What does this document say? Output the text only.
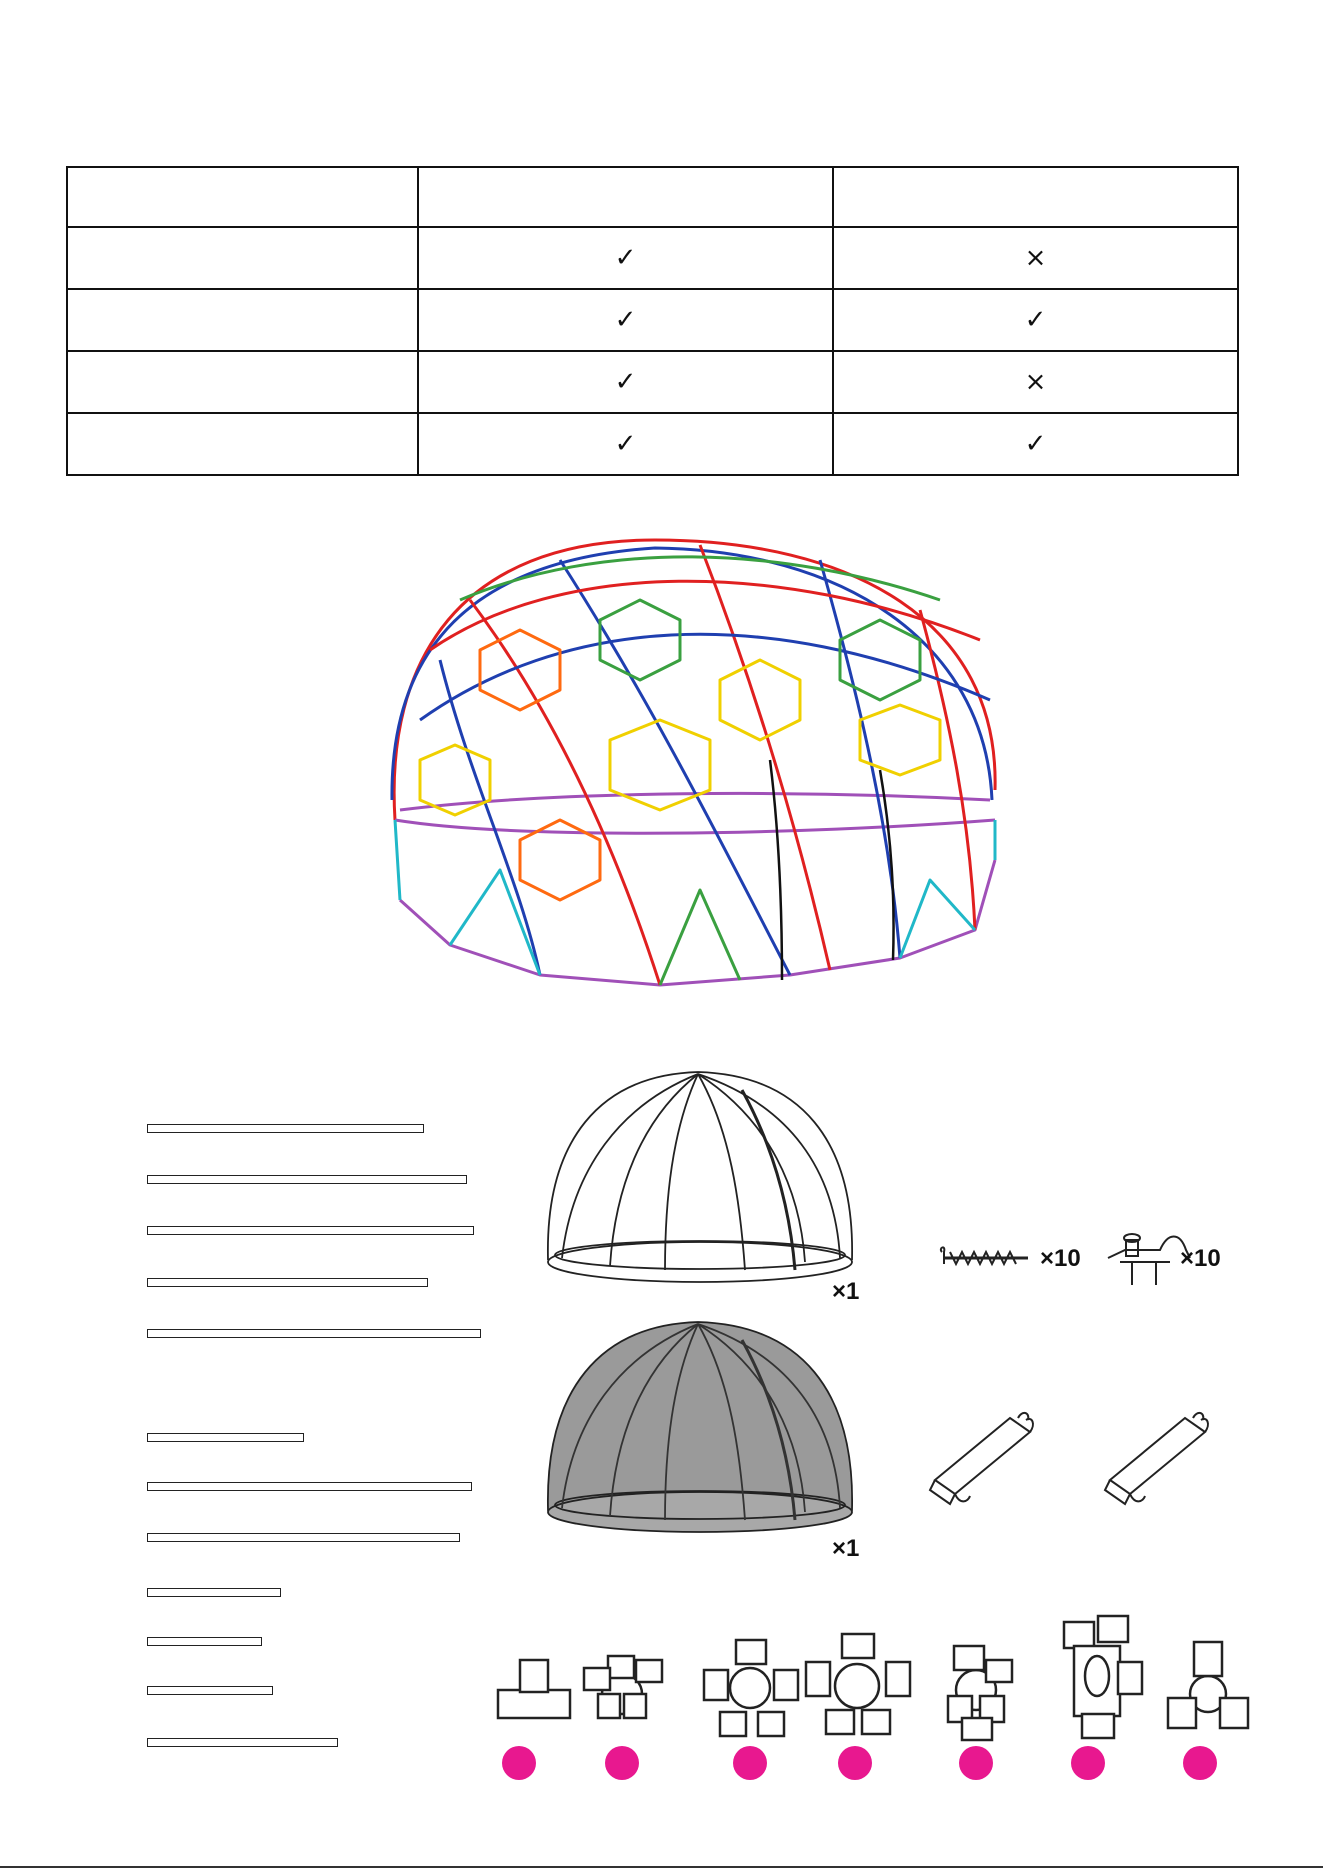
	✓	×
	✓	✓
	✓	×
	✓	✓
×1
×1
×10	×10
